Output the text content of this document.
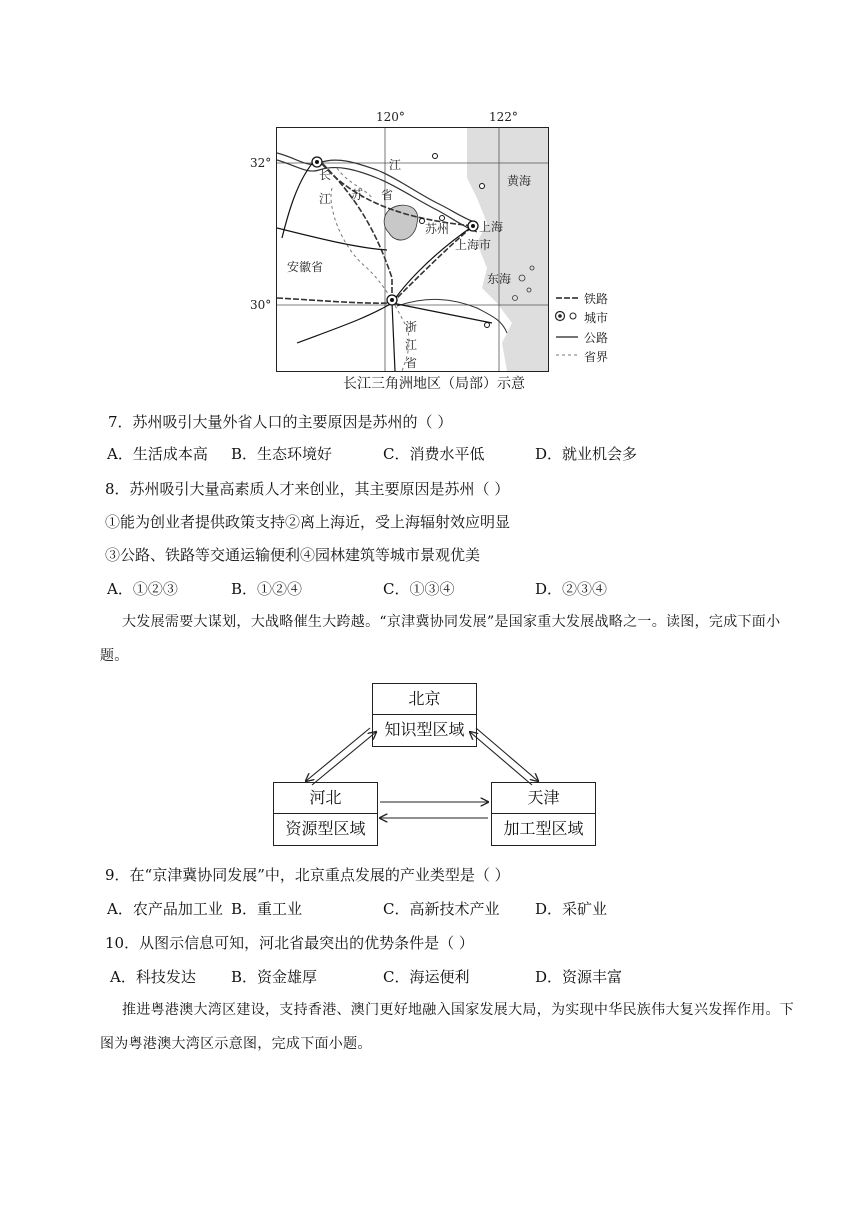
120°	122°
32°
30°
长
江
江
苏 省
黄海
苏州 上海
上海市
安徽省
东海
浙
江
省
铁路
城市
公路
省界
长江三角洲地区（局部）示意
7．苏州吸引大量外省人口的主要原因是苏州的（ ）
A．生活成本高 B．生态环境好	C．消费水平低	D．就业机会多
8．苏州吸引大量高素质人才来创业，其主要原因是苏州（ ）
①能为创业者提供政策支持②离上海近，受上海辐射效应明显
③公路、铁路等交通运输便利④园林建筑等城市景观优美
A．①②③	B．①②④	C．①③④	D．②③④
大发展需要大谋划，大战略催生大跨越。“京津冀协同发展”是国家重大发展战略之一。读图，完成下面小题。
北京
知识型区域
河北
资源型区域
天津
加工型区域
9．在“京津冀协同发展”中，北京重点发展的产业类型是（ ）
A．农产品加工业 B．重工业	C．高新技术产业 D．采矿业
10．从图示信息可知，河北省最突出的优势条件是（ ）
A．科技发达 B．资金雄厚	C．海运便利	D．资源丰富
推进粤港澳大湾区建设，支持香港、澳门更好地融入国家发展大局，为实现中华民族伟大复兴发挥作用。下图为粤港澳大湾区示意图，完成下面小题。
